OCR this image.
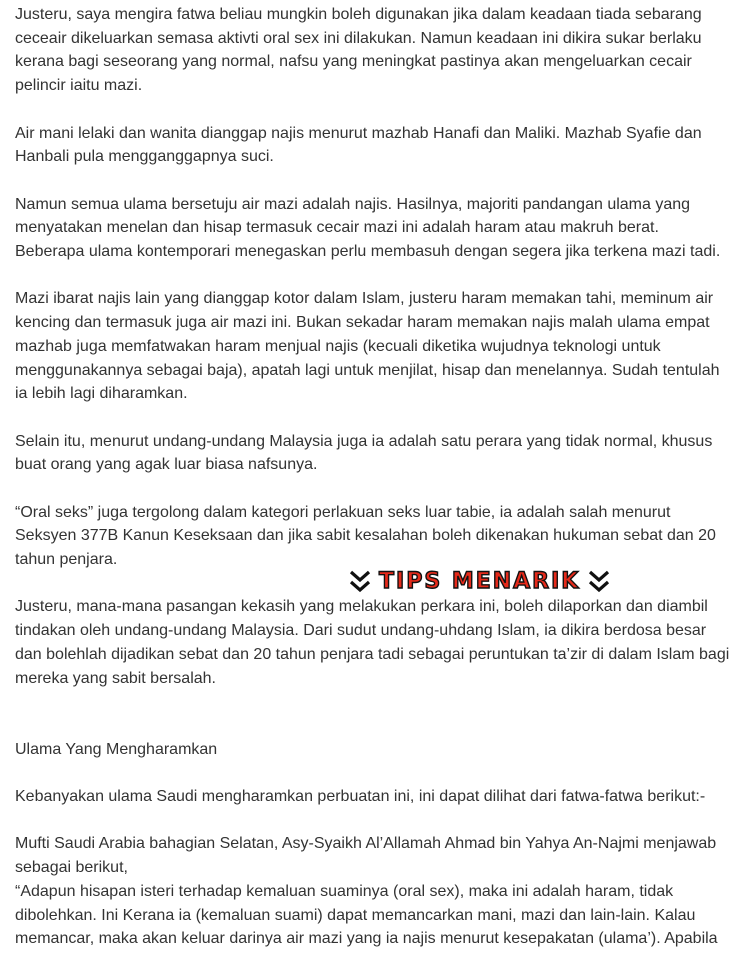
Justeru, saya mengira fatwa beliau mungkin boleh digunakan jika dalam keadaan tiada sebarang ceceair dikeluarkan semasa aktivti oral sex ini dilakukan. Namun keadaan ini dikira sukar berlaku kerana bagi seseorang yang normal, nafsu yang meningkat pastinya akan mengeluarkan cecair pelincir iaitu mazi.

Air mani lelaki dan wanita dianggap najis menurut mazhab Hanafi dan Maliki. Mazhab Syafie dan Hanbali pula mengganggapnya suci.

Namun semua ulama bersetuju air mazi adalah najis. Hasilnya, majoriti pandangan ulama yang menyatakan menelan dan hisap termasuk cecair mazi ini adalah haram atau makruh berat. Beberapa ulama kontemporari menegaskan perlu membasuh dengan segera jika terkena mazi tadi.

Mazi ibarat najis lain yang dianggap kotor dalam Islam, justeru haram memakan tahi, meminum air kencing dan termasuk juga air mazi ini. Bukan sekadar haram memakan najis malah ulama empat mazhab juga memfatwakan haram menjual najis (kecuali diketika wujudnya teknologi untuk menggunakannya sebagai baja), apatah lagi untuk menjilat, hisap dan menelannya. Sudah tentulah ia lebih lagi diharamkan.

Selain itu, menurut undang-undang Malaysia juga ia adalah satu perara yang tidak normal, khusus buat orang yang agak luar biasa nafsunya.

“Oral seks” juga tergolong dalam kategori perlakuan seks luar tabie, ia adalah salah menurut Seksyen 377B Kanun Keseksaan dan jika sabit kesalahan boleh dikenakan hukuman sebat dan 20 tahun penjara.

Justeru, mana-mana pasangan kekasih yang melakukan perkara ini, boleh dilaporkan dan diambil tindakan oleh undang-undang Malaysia. Dari sudut undang-uhdang Islam, ia dikira berdosa besar dan bolehlah dijadikan sebat dan 20 tahun penjara tadi sebagai peruntukan ta’zir di dalam Islam bagi mereka yang sabit bersalah.

Ulama Yang Mengharamkan

Kebanyakan ulama Saudi mengharamkan perbuatan ini, ini dapat dilihat dari fatwa-fatwa berikut:-

Mufti Saudi Arabia bahagian Selatan, Asy-Syaikh Al’Allamah Ahmad bin Yahya An-Najmi menjawab sebagai berikut,

“Adapun hisapan isteri terhadap kemaluan suaminya (oral sex), maka ini adalah haram, tidak dibolehkan. Ini Kerana ia (kemaluan suami) dapat memancarkan mani, mazi dan lain-lain. Kalau memancar, maka akan keluar darinya air mazi yang ia najis menurut kesepakatan (ulama’). Apabila

TIPS MENARIK
